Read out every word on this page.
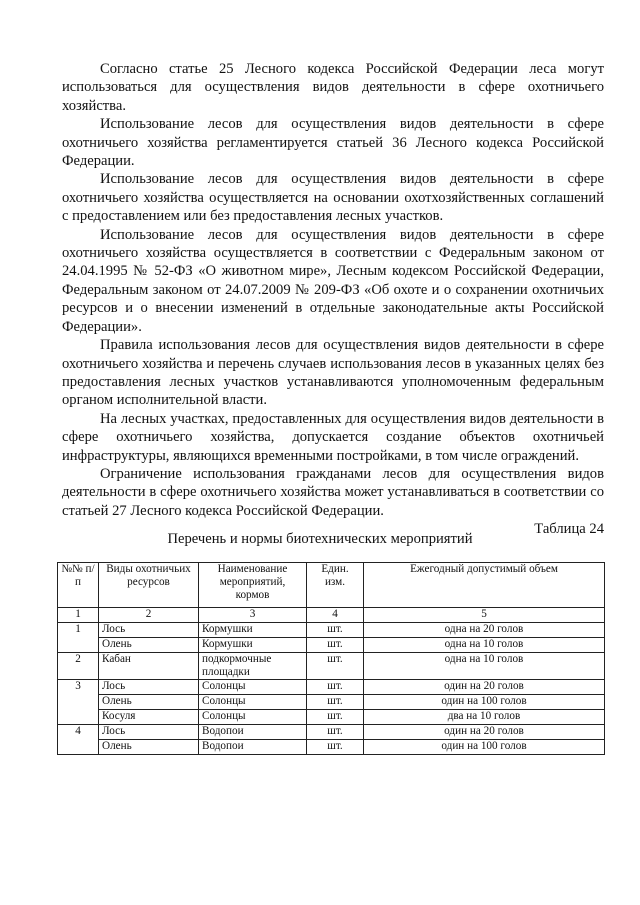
Согласно статье 25 Лесного кодекса Российской Федерации леса могут использоваться для осуществления видов деятельности в сфере охотничьего хозяйства.

Использование лесов для осуществления видов деятельности в сфере охотничьего хозяйства регламентируется статьей 36 Лесного кодекса Российской Федерации.

Использование лесов для осуществления видов деятельности в сфере охотничьего хозяйства осуществляется на основании охотхозяйственных соглашений с предоставлением или без предоставления лесных участков.

Использование лесов для осуществления видов деятельности в сфере охотничьего хозяйства осуществляется в соответствии с Федеральным законом от 24.04.1995 № 52-ФЗ «О животном мире», Лесным кодексом Российской Федерации, Федеральным законом от 24.07.2009 № 209-ФЗ «Об охоте и о сохранении охотничьих ресурсов и о внесении изменений в отдельные законодательные акты Российской Федерации».

Правила использования лесов для осуществления видов деятельности в сфере охотничьего хозяйства и перечень случаев использования лесов в указанных целях без предоставления лесных участков устанавливаются уполномоченным федеральным органом исполнительной власти.

На лесных участках, предоставленных для осуществления видов деятельности в сфере охотничьего хозяйства, допускается создание объектов охотничьей инфраструктуры, являющихся временными постройками, в том числе ограждений.

Ограничение использования гражданами лесов для осуществления видов деятельности в сфере охотничьего хозяйства может устанавливаться в соответствии со статьей 27 Лесного кодекса Российской Федерации.

Таблица 24
Перечень и нормы биотехнических мероприятий
№№ п/п	Виды охотничьих ресурсов	Наименование мероприятий, кормов	Един. изм.	Ежегодный допустимый объем
1	2	3	4	5
1	Лось	Кормушки	шт.	одна на 20 голов
	Олень	Кормушки	шт.	одна на 10 голов
2	Кабан	подкормочные площадки	шт.	одна на 10 голов
3	Лось	Солонцы	шт.	один на 20 голов
	Олень	Солонцы	шт.	один на 100 голов
	Косуля	Солонцы	шт.	два на 10 голов
4	Лось	Водопои	шт.	один на 20 голов
	Олень	Водопои	шт.	один на 100 голов
